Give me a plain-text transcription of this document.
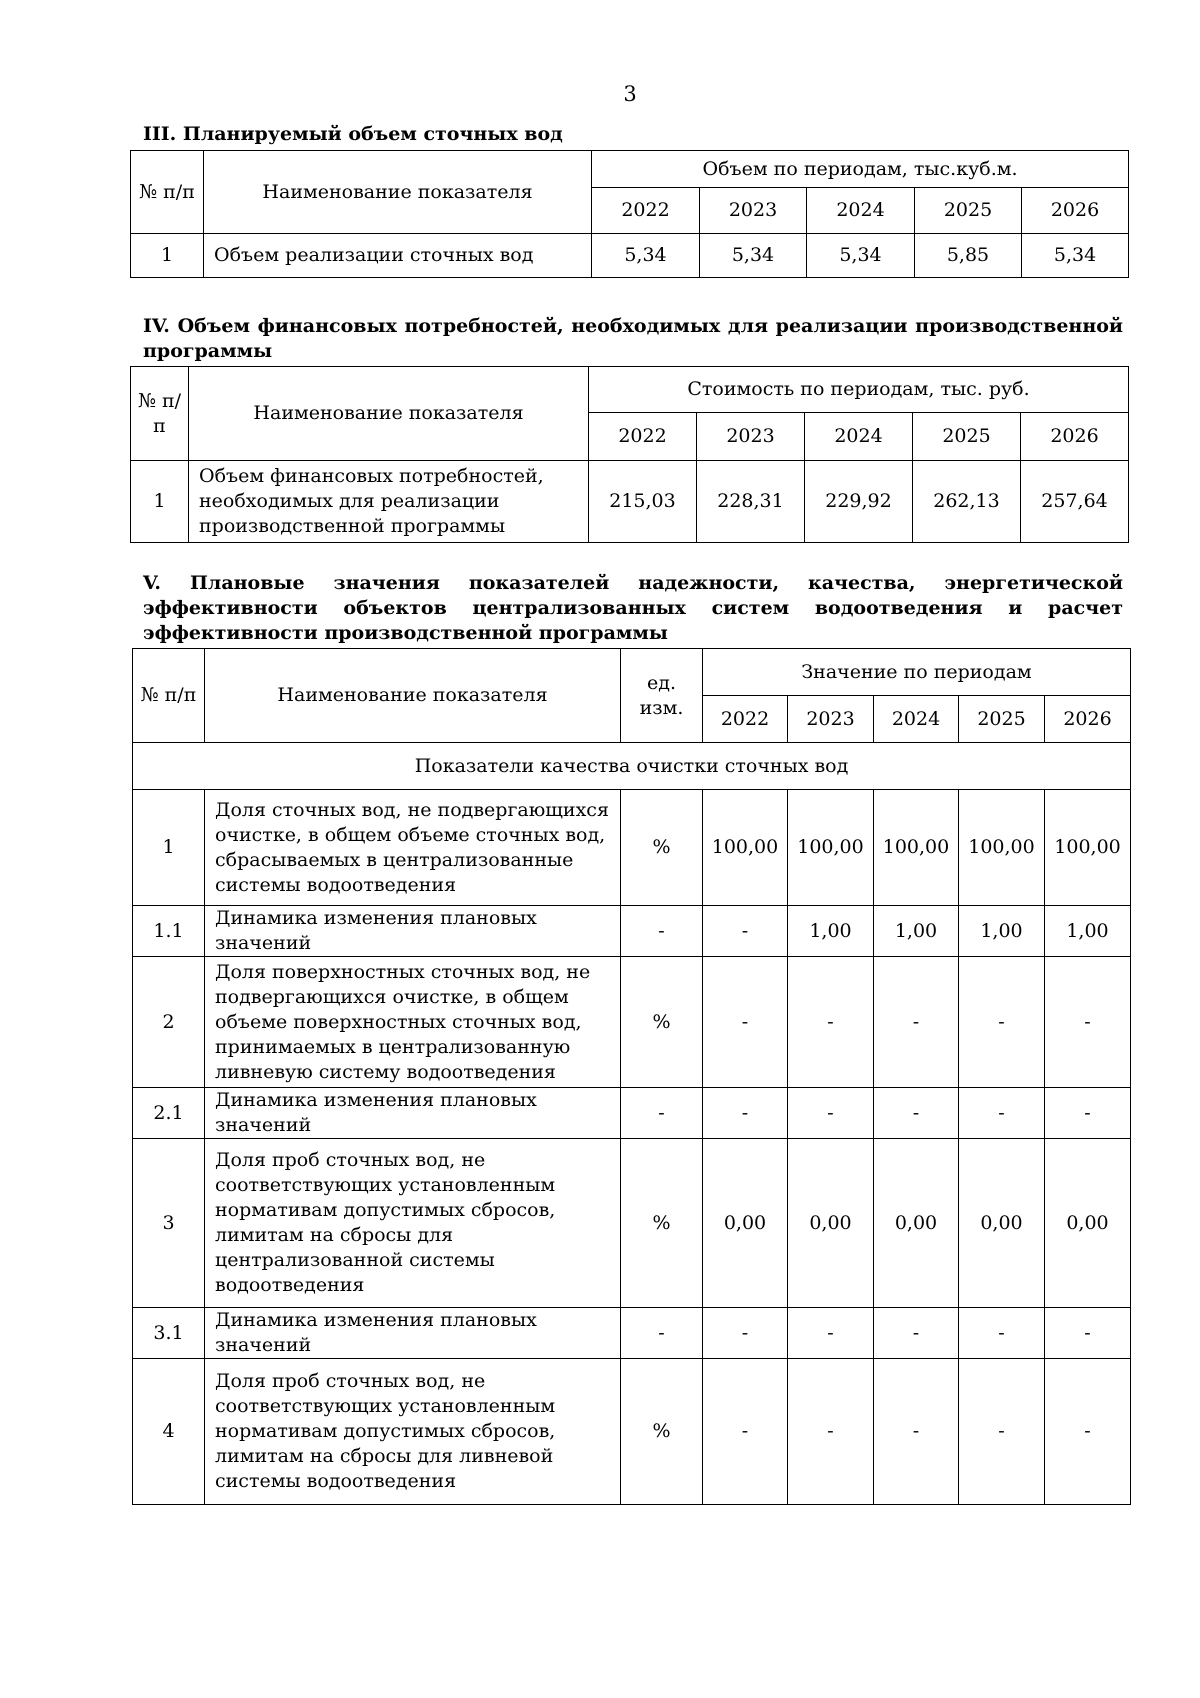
3
III. Планируемый объем сточных вод
№ п/п	Наименование показателя	Объем по периодам, тыс.куб.м.				
		2022	2023	2024	2025	2026
1	Объем реализации сточных вод	5,34	5,34	5,34	5,85	5,34
IV. Объем финансовых потребностей, необходимых для реализации производственной программы
№ п/п	Наименование показателя	Стоимость по периодам, тыс. руб.				
		2022	2023	2024	2025	2026
1	Объем финансовых потребностей, необходимых для реализации производственной программы	215,03	228,31	229,92	262,13	257,64
V. Плановые значения показателей надежности, качества, энергетической эффективности объектов централизованных систем водоотведения и расчет эффективности производственной программы
№ п/п	Наименование показателя	ед. изм.	Значение по периодам				
			2022	2023	2024	2025	2026
Показатели качества очистки сточных вод							
1	Доля сточных вод, не подвергающихся очистке, в общем объеме сточных вод, сбрасываемых в централизованные системы водоотведения	%	100,00	100,00	100,00	100,00	100,00
1.1	Динамика изменения плановых значений	-	-	1,00	1,00	1,00	1,00
2	Доля поверхностных сточных вод, не подвергающихся очистке, в общем объеме поверхностных сточных вод, принимаемых в централизованную ливневую систему водоотведения	%	-	-	-	-	-
2.1	Динамика изменения плановых значений	-	-	-	-	-	-
3	Доля проб сточных вод, не соответствующих установленным нормативам допустимых сбросов, лимитам на сбросы для централизованной системы водоотведения	%	0,00	0,00	0,00	0,00	0,00
3.1	Динамика изменения плановых значений	-	-	-	-	-	-
4	Доля проб сточных вод, не соответствующих установленным нормативам допустимых сбросов, лимитам на сбросы для ливневой системы водоотведения	%	-	-	-	-	-
